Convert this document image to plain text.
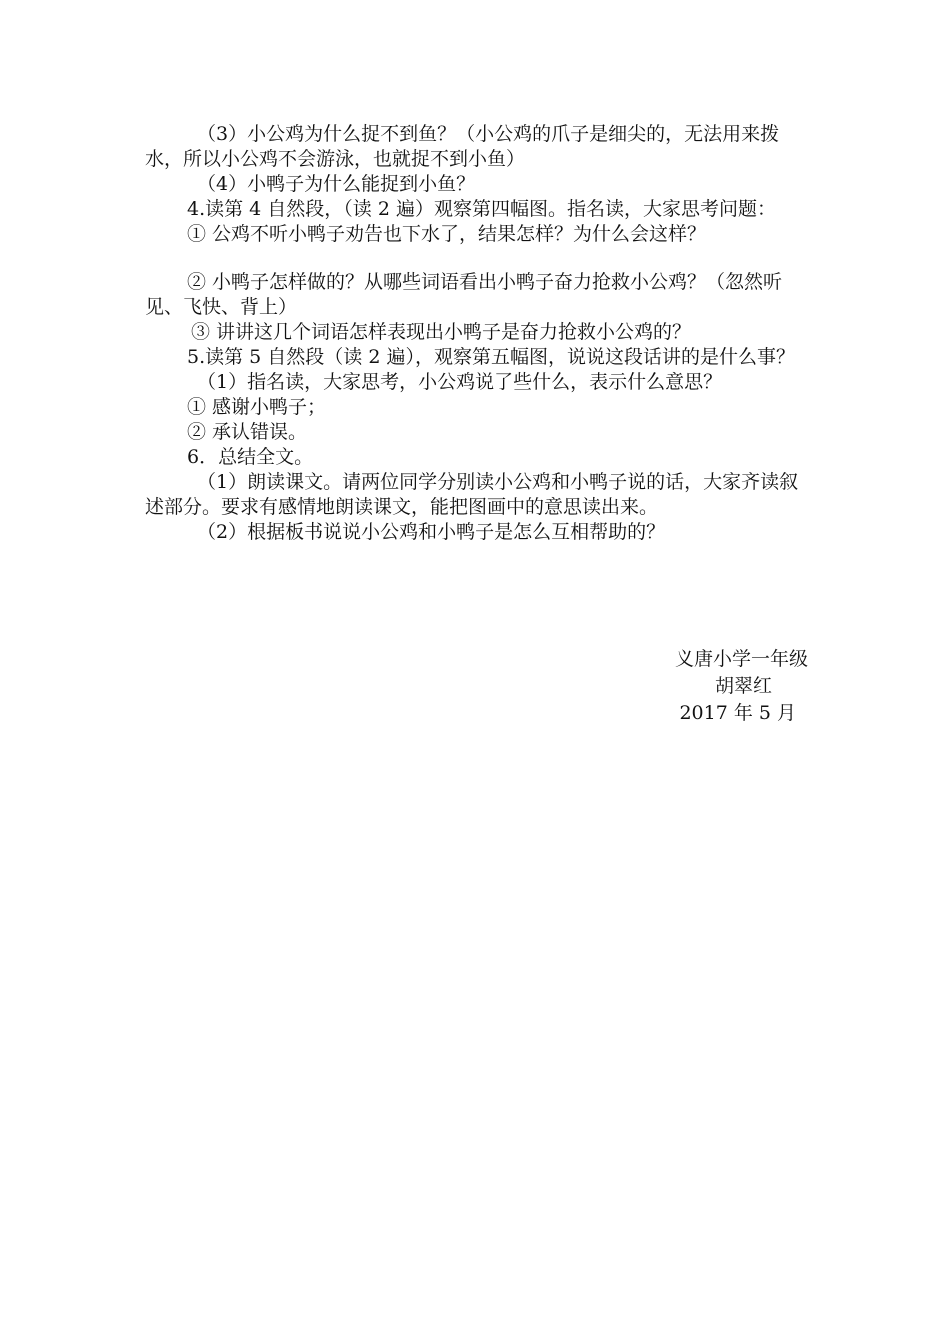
（3）小公鸡为什么捉不到鱼？（小公鸡的爪子是细尖的，无法用来拨水，所以小公鸡不会游泳，也就捉不到小鱼）

（4）小鸭子为什么能捉到小鱼？

4.读第 4 自然段，（读 2 遍）观察第四幅图。指名读，大家思考问题：

① 公鸡不听小鸭子劝告也下水了，结果怎样？为什么会这样？

② 小鸭子怎样做的？从哪些词语看出小鸭子奋力抢救小公鸡？（忽然听见、飞快、背上）

③ 讲讲这几个词语怎样表现出小鸭子是奋力抢救小公鸡的？

5.读第 5 自然段（读 2 遍），观察第五幅图，说说这段话讲的是什么事？

（1）指名读，大家思考，小公鸡说了些什么，表示什么意思？

① 感谢小鸭子；

② 承认错误。

6．总结全文。

（1）朗读课文。请两位同学分别读小公鸡和小鸭子说的话，大家齐读叙述部分。要求有感情地朗读课文，能把图画中的意思读出来。

（2）根据板书说说小公鸡和小鸭子是怎么互相帮助的？

义唐小学一年级
胡翠红
2017 年 5 月
